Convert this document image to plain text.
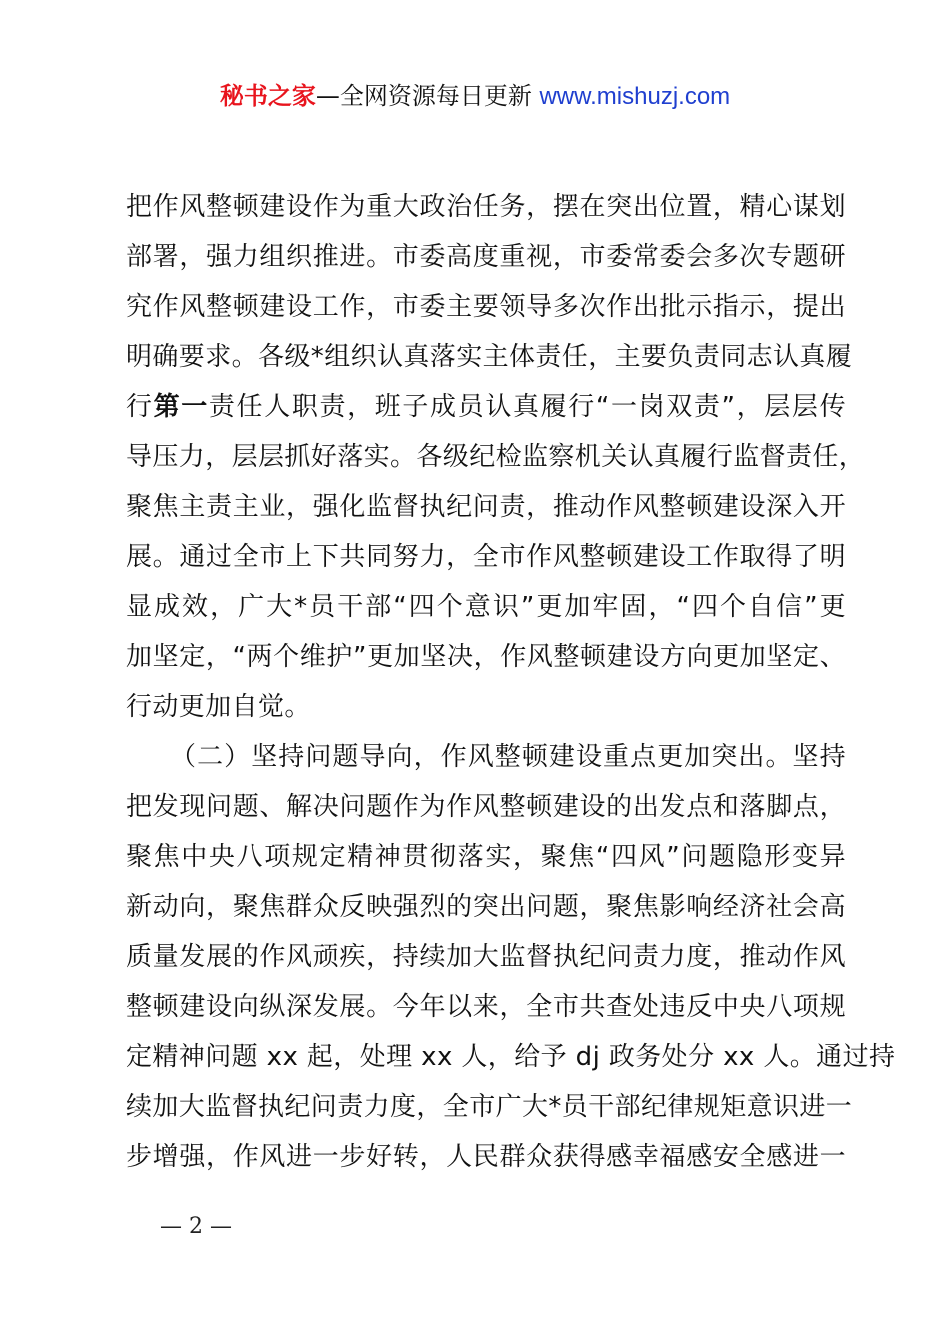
秘书之家—全网资源每日更新 www.mishuzj.com
把作风整顿建设作为重大政治任务，摆在突出位置，精心谋划
部署，强力组织推进。市委高度重视，市委常委会多次专题研
究作风整顿建设工作，市委主要领导多次作出批示指示，提出
明确要求。各级*组织认真落实主体责任，主要负责同志认真履
行第一责任人职责，班子成员认真履行“一岗双责”，层层传
导压力，层层抓好落实。各级纪检监察机关认真履行监督责任，
聚焦主责主业，强化监督执纪问责，推动作风整顿建设深入开
展。通过全市上下共同努力，全市作风整顿建设工作取得了明
显成效，广大*员干部“四个意识”更加牢固，“四个自信”更
加坚定，“两个维护”更加坚决，作风整顿建设方向更加坚定、
行动更加自觉。
（二）坚持问题导向，作风整顿建设重点更加突出。坚持
把发现问题、解决问题作为作风整顿建设的出发点和落脚点，
聚焦中央八项规定精神贯彻落实，聚焦“四风”问题隐形变异
新动向，聚焦群众反映强烈的突出问题，聚焦影响经济社会高
质量发展的作风顽疾，持续加大监督执纪问责力度，推动作风
整顿建设向纵深发展。今年以来，全市共查处违反中央八项规
定精神问题 xx 起，处理 xx 人，给予 dj 政务处分 xx 人。通过持
续加大监督执纪问责力度，全市广大*员干部纪律规矩意识进一
步增强，作风进一步好转，人民群众获得感幸福感安全感进一
— 2 —
